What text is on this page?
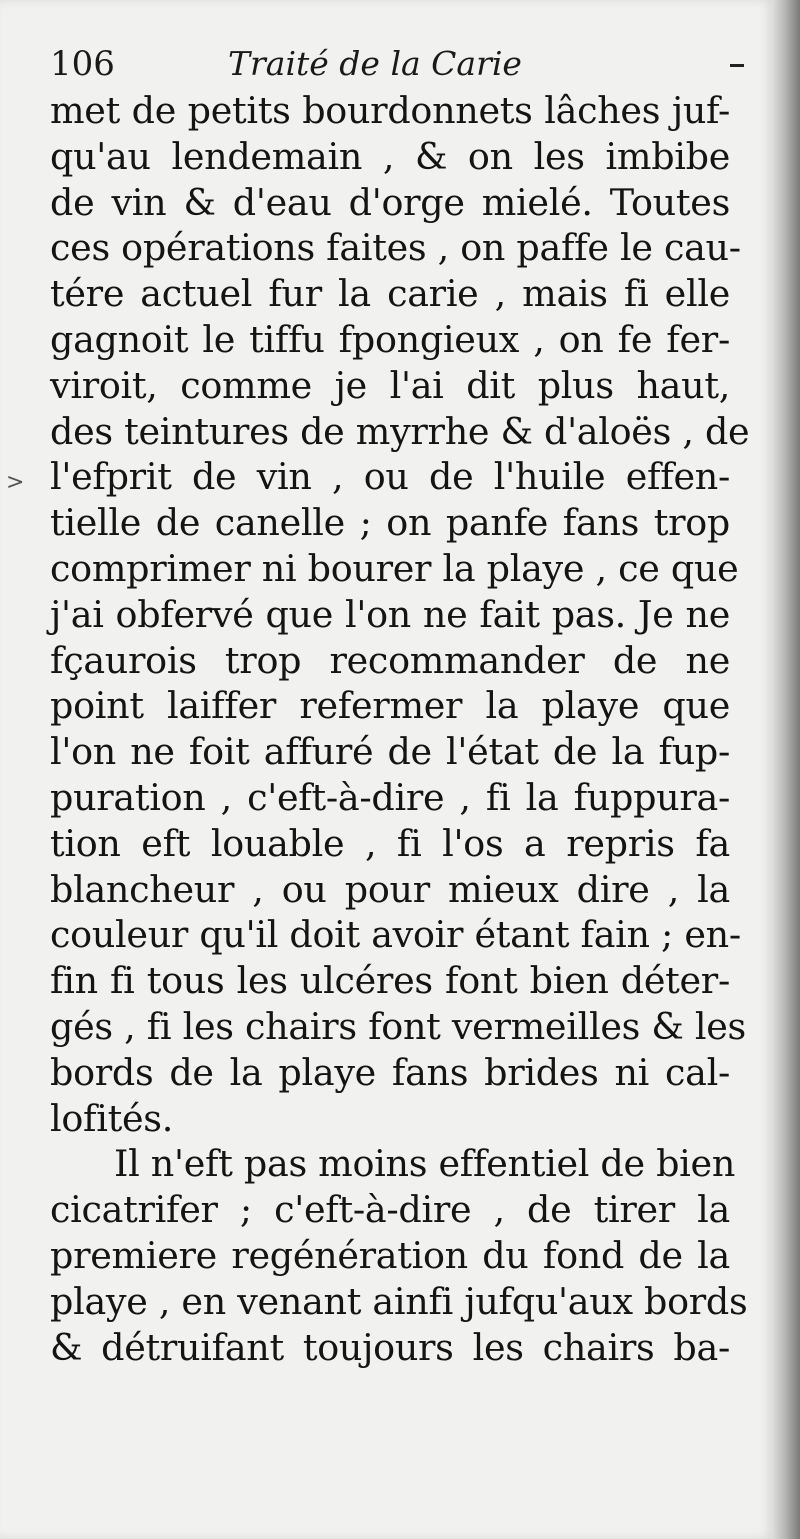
106	Traité de la Carie
>
met de petits bourdonnets lâches juf-
qu'au lendemain , & on les imbibe
de vin & d'eau d'orge mielé. Toutes
ces opérations faites , on paffe le cau-
tére actuel fur la carie , mais fi elle
gagnoit le tiffu fpongieux , on fe fer-
viroit, comme je l'ai dit plus haut,
des teintures de myrrhe & d'aloës , de
l'efprit de vin , ou de l'huile effen-
tielle de canelle ; on panfe fans trop
comprimer ni bourer la playe , ce que
j'ai obfervé que l'on ne fait pas. Je ne
fçaurois trop recommander de ne
point laiffer refermer la playe que
l'on ne foit affuré de l'état de la fup-
puration , c'eft-à-dire , fi la fuppura-
tion eft louable , fi l'os a repris fa
blancheur , ou pour mieux dire , la
couleur qu'il doit avoir étant fain ; en-
fin fi tous les ulcéres font bien déter-
gés , fi les chairs font vermeilles & les
bords de la playe fans brides ni cal-
lofités.
Il n'eft pas moins effentiel de bien
cicatrifer ; c'eft-à-dire , de tirer la
premiere regénération du fond de la
playe , en venant ainfi jufqu'aux bords
& détruifant toujours les chairs ba-
